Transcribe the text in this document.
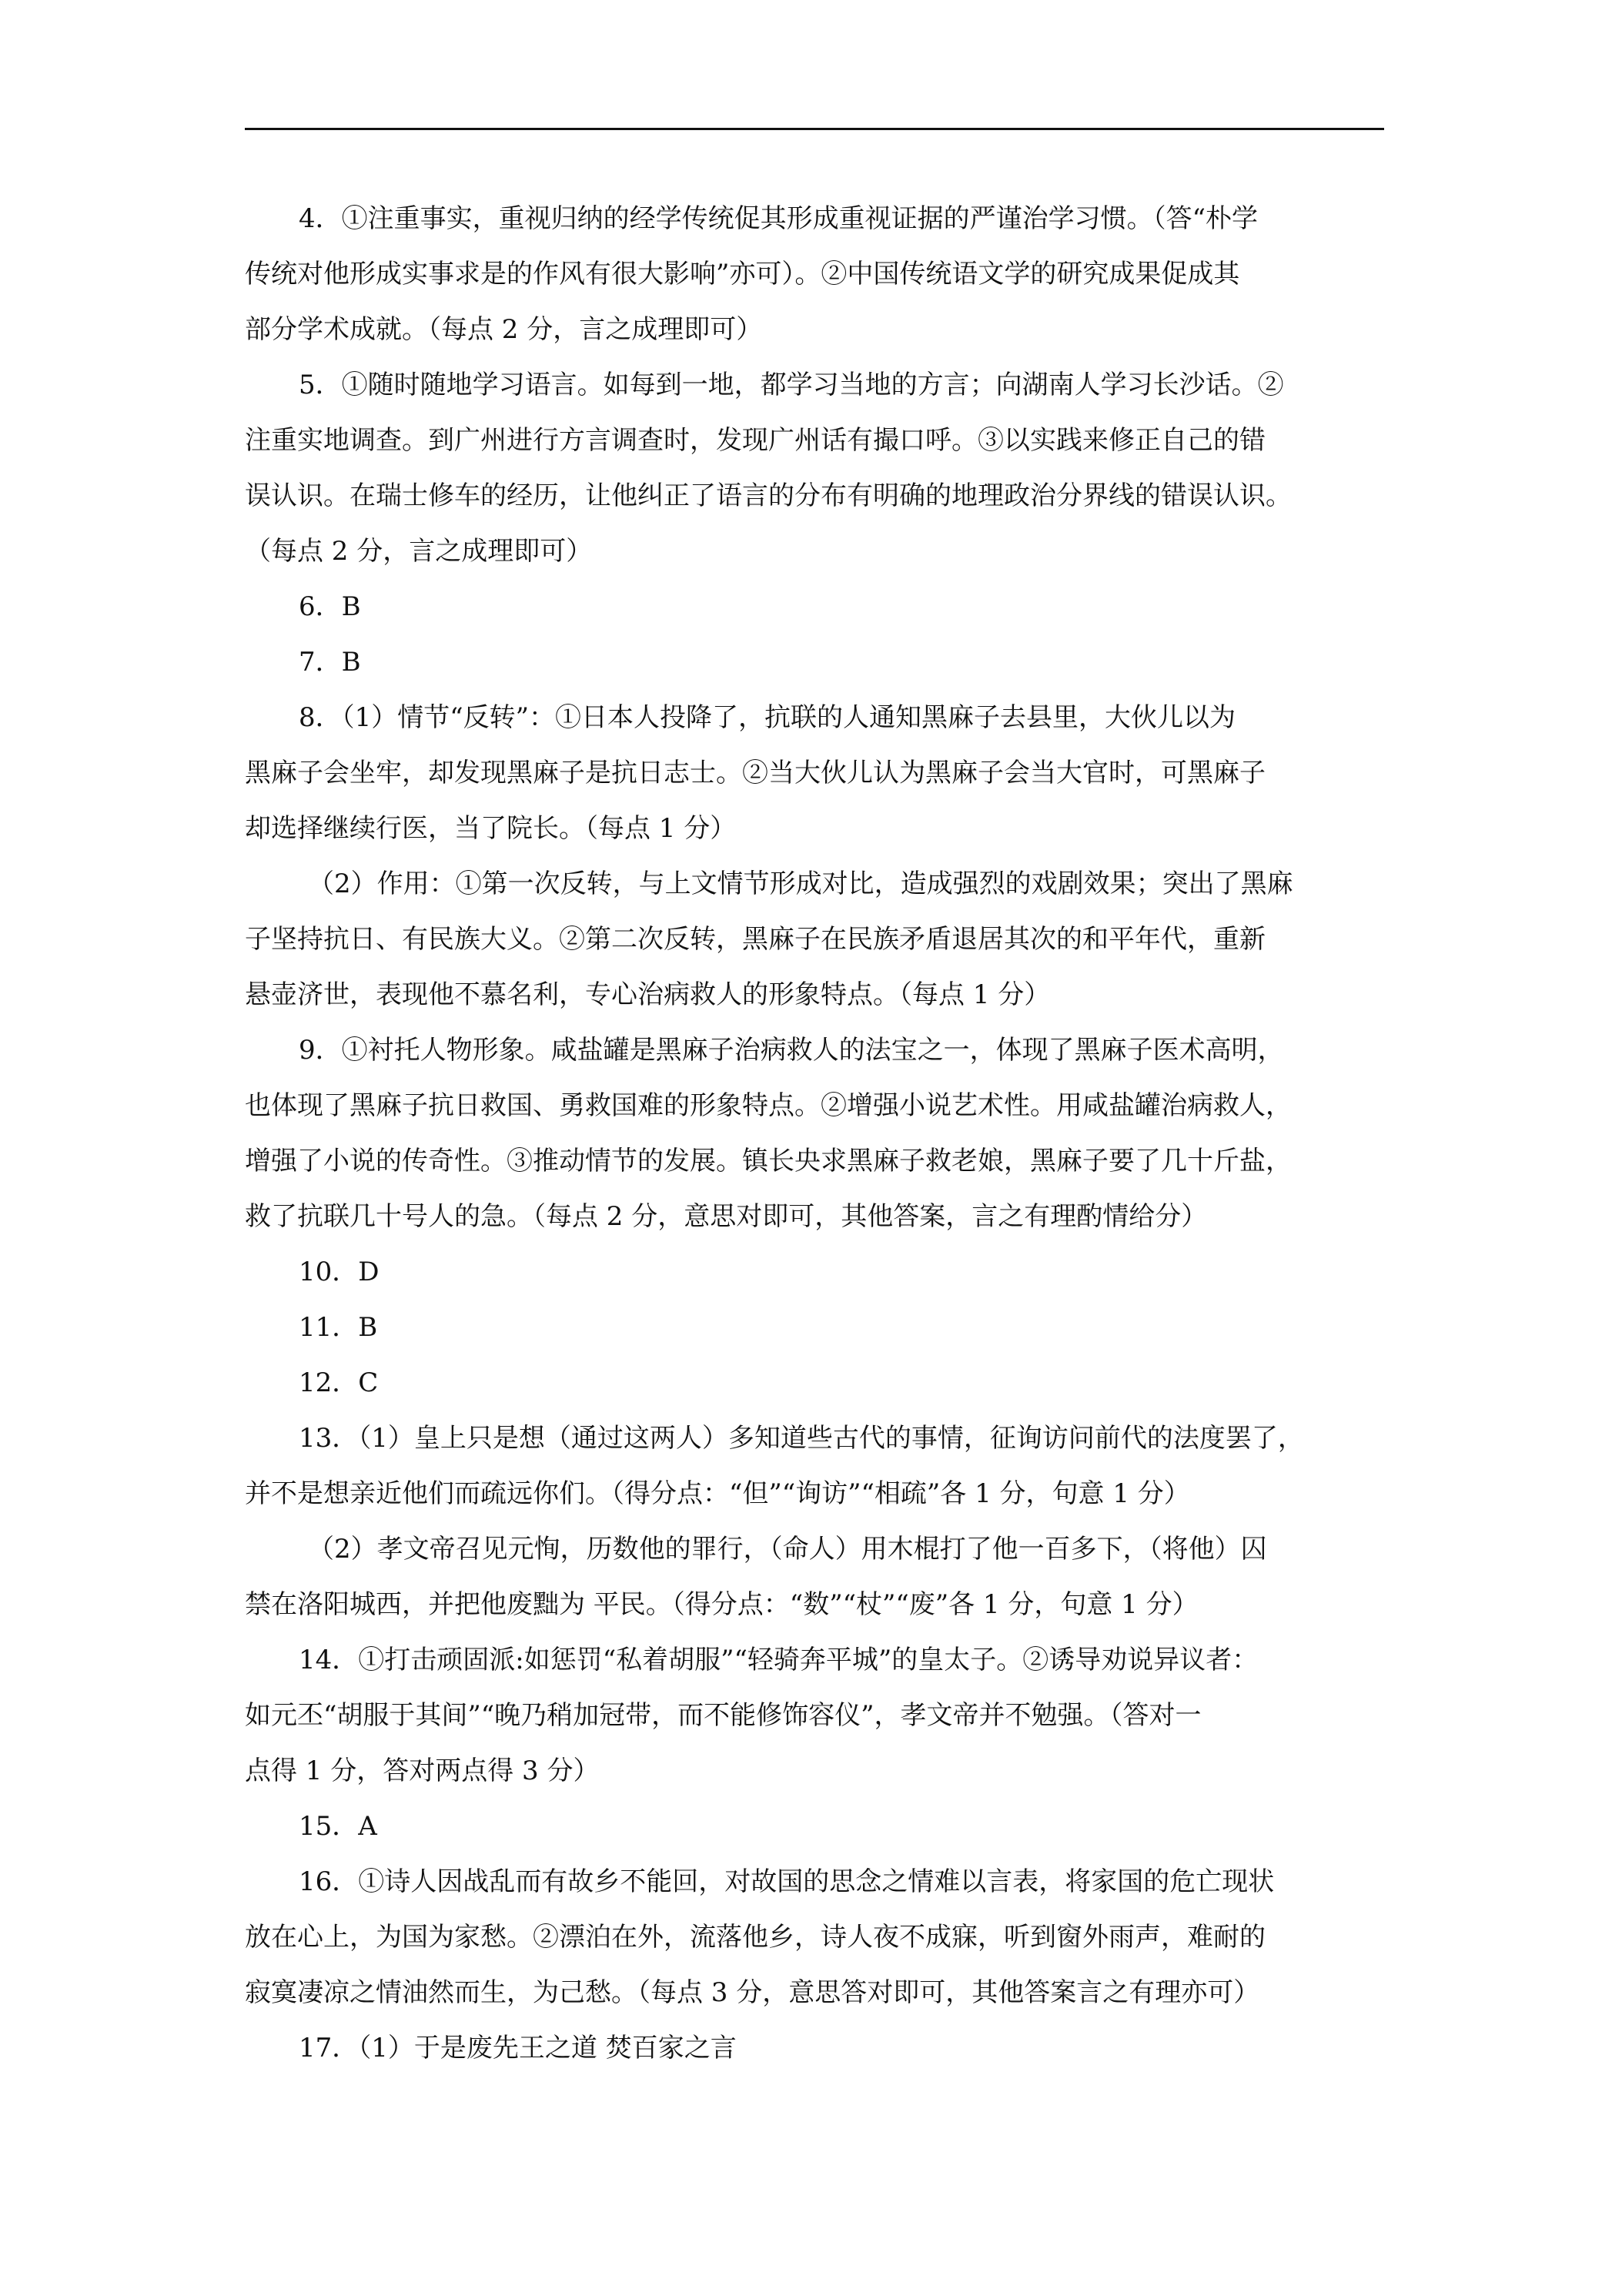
4．①注重事实，重视归纳的经学传统促其形成重视证据的严谨治学习惯。（答“朴学
传统对他形成实事求是的作风有很大影响”亦可）。②中国传统语文学的研究成果促成其
部分学术成就。（每点 2 分，言之成理即可）
5．①随时随地学习语言。如每到一地，都学习当地的方言；向湖南人学习长沙话。②
注重实地调查。到广州进行方言调查时，发现广州话有撮口呼。③以实践来修正自己的错
误认识。在瑞士修车的经历，让他纠正了语言的分布有明确的地理政治分界线的错误认识。
（每点 2 分，言之成理即可）
6．B
7．B
8．（1）情节“反转”：①日本人投降了，抗联的人通知黑麻子去县里，大伙儿以为
黑麻子会坐牢，却发现黑麻子是抗日志士。②当大伙儿认为黑麻子会当大官时，可黑麻子
却选择继续行医，当了院长。（每点 1 分）
（2）作用：①第一次反转，与上文情节形成对比，造成强烈的戏剧效果；突出了黑麻
子坚持抗日、有民族大义。②第二次反转，黑麻子在民族矛盾退居其次的和平年代，重新
悬壶济世，表现他不慕名利，专心治病救人的形象特点。（每点 1 分）
9．①衬托人物形象。咸盐罐是黑麻子治病救人的法宝之一，体现了黑麻子医术高明，
也体现了黑麻子抗日救国、勇救国难的形象特点。②增强小说艺术性。用咸盐罐治病救人，
增强了小说的传奇性。③推动情节的发展。镇长央求黑麻子救老娘，黑麻子要了几十斤盐，
救了抗联几十号人的急。（每点 2 分，意思对即可，其他答案，言之有理酌情给分）
10．D
11．B
12．C
13．（1）皇上只是想（通过这两人）多知道些古代的事情，征询访问前代的法度罢了，
并不是想亲近他们而疏远你们。（得分点：“但”“询访”“相疏”各 1 分，句意 1 分）
（2）孝文帝召见元恂，历数他的罪行，（命人）用木棍打了他一百多下，（将他）囚
禁在洛阳城西，并把他废黜为 平民。（得分点：“数”“杖”“废”各 1 分，句意 1 分）
14．①打击顽固派:如惩罚“私着胡服”“轻骑奔平城”的皇太子。②诱导劝说异议者：
如元丕“胡服于其间”“晚乃稍加冠带，而不能修饰容仪”，孝文帝并不勉强。（答对一
点得 1 分，答对两点得 3 分）
15．A
16．①诗人因战乱而有故乡不能回，对故国的思念之情难以言表，将家国的危亡现状
放在心上，为国为家愁。②漂泊在外，流落他乡，诗人夜不成寐，听到窗外雨声，难耐的
寂寞凄凉之情油然而生，为己愁。（每点 3 分，意思答对即可，其他答案言之有理亦可）
17．（1）于是废先王之道 焚百家之言
